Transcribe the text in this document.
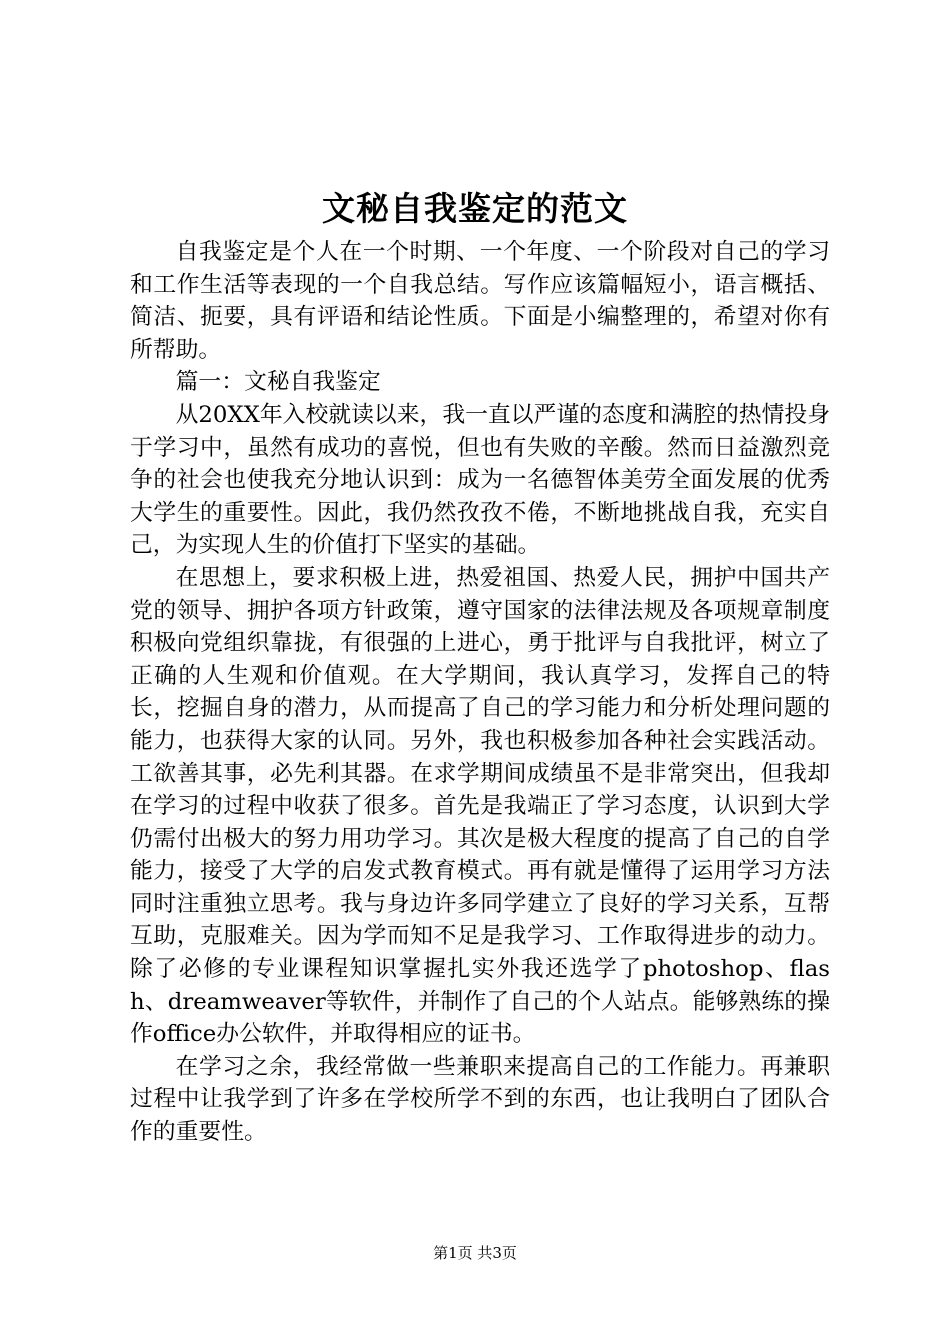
文秘自我鉴定的范文

自我鉴定是个人在一个时期、一个年度、一个阶段对自己的学习和工作生活等表现的一个自我总结。写作应该篇幅短小，语言概括、简洁、扼要，具有评语和结论性质。下面是小编整理的，希望对你有所帮助。

篇一：文秘自我鉴定

从20XX年入校就读以来，我一直以严谨的态度和满腔的热情投身于学习中，虽然有成功的喜悦，但也有失败的辛酸。然而日益激烈竞争的社会也使我充分地认识到：成为一名德智体美劳全面发展的优秀大学生的重要性。因此，我仍然孜孜不倦，不断地挑战自我，充实自己，为实现人生的价值打下坚实的基础。

在思想上，要求积极上进，热爱祖国、热爱人民，拥护中国共产党的领导、拥护各项方针政策，遵守国家的法律法规及各项规章制度积极向党组织靠拢，有很强的上进心，勇于批评与自我批评，树立了正确的人生观和价值观。在大学期间，我认真学习，发挥自己的特长，挖掘自身的潜力，从而提高了自己的学习能力和分析处理问题的能力，也获得大家的认同。另外，我也积极参加各种社会实践活动。工欲善其事，必先利其器。在求学期间成绩虽不是非常突出，但我却在学习的过程中收获了很多。首先是我端正了学习态度，认识到大学仍需付出极大的努力用功学习。其次是极大程度的提高了自己的自学能力，接受了大学的启发式教育模式。再有就是懂得了运用学习方法同时注重独立思考。我与身边许多同学建立了良好的学习关系，互帮互助，克服难关。因为学而知不足是我学习、工作取得进步的动力。除了必修的专业课程知识掌握扎实外我还选学了photoshop、flash、dreamweaver等软件，并制作了自己的个人站点。能够熟练的操作office办公软件，并取得相应的证书。

在学习之余，我经常做一些兼职来提高自己的工作能力。再兼职过程中让我学到了许多在学校所学不到的东西，也让我明白了团队合作的重要性。

第1页 共3页
